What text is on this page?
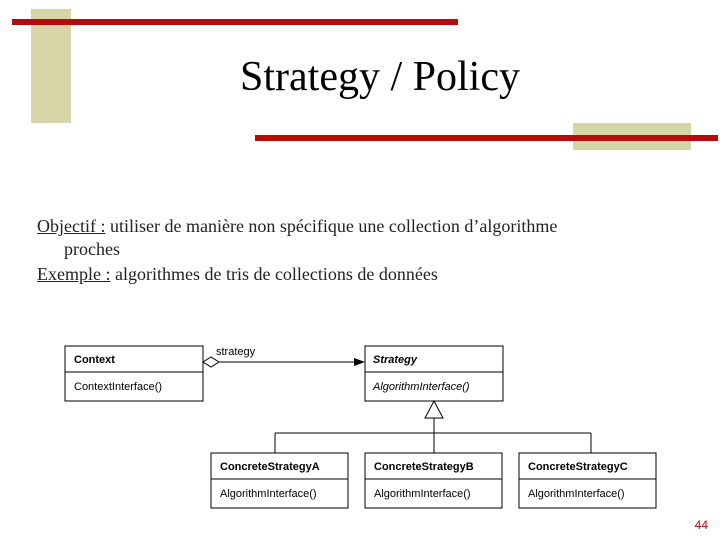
Strategy / Policy
Objectif : utiliser de manière non spécifique une collection d’algorithme
proches
Exemple : algorithmes de tris de collections de données
Context
ContextInterface()
Strategy
AlgorithmInterface()
strategy
ConcreteStrategyA
AlgorithmInterface()
ConcreteStrategyB
AlgorithmInterface()
ConcreteStrategyC
AlgorithmInterface()
44
